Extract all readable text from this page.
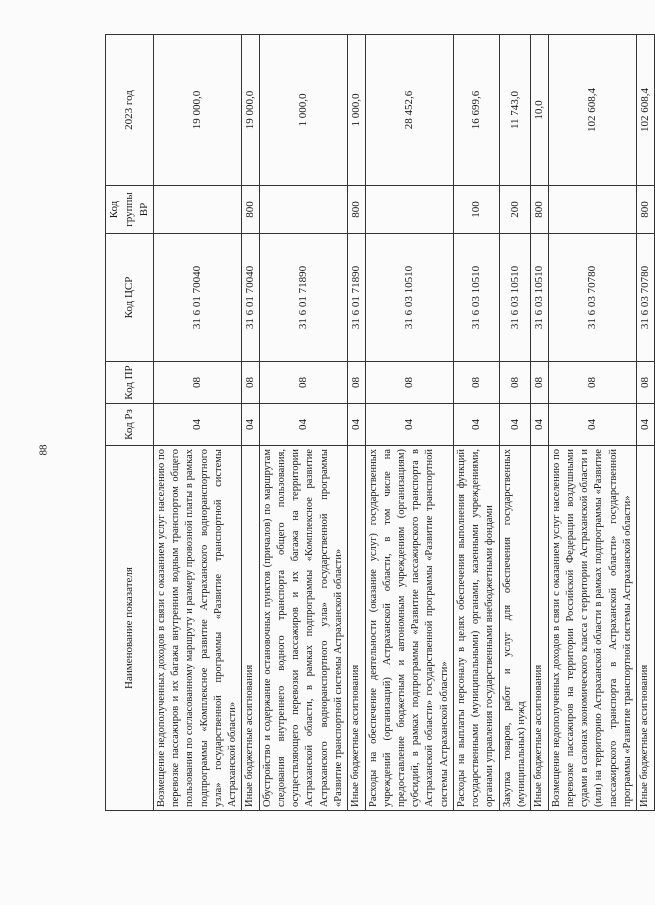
88
Наименование показателя	Код Рз	Код ПР	Код ЦСР	Код группы ВР	2023 год
Возмещение недополученных доходов в связи с оказанием услуг населению по перевозке пассажиров и их багажа внутренним водным транспортом общего пользования по согласованному маршруту и размеру провозной платы в рамках подпрограммы «Комплексное развитие Астраханского водноранспортного узла» государственной программы «Развитие транспортной системы Астраханской области»	04	08	31 6 01 70040		19 000,0
Иные бюджетные ассигнования	04	08	31 6 01 70040	800	19 000,0
Обустройство и содержание остановочных пунктов (причалов) по маршрутам следования внутреннего водного транспорта общего пользования, осуществляющего перевозки пассажиров и их багажа на территории Астраханской области, в рамках подпрограммы «Комплексное развитие Астраханского водноранспортного узла» государственной программы «Развитие транспортной системы Астраханской области»	04	08	31 6 01 71890		1 000,0
Иные бюджетные ассигнования	04	08	31 6 01 71890	800	1 000,0
Расходы на обеспечение деятельности (оказание услуг) государственных учреждений (организаций) Астраханской области, в том числе на предоставление бюджетным и автономным учреждениям (организациям) субсидий, в рамках подпрограммы «Развитие пассажирского транспорта в Астраханской области» государственной программы «Развитие транспортной системы Астраханской области»	04	08	31 6 03 10510		28 452,6
Расходы на выплаты персоналу в целях обеспечения выполнения функций государственными (муниципальными) органами, казенными учреждениями, органами управления государственными внебюджетными фондами	04	08	31 6 03 10510	100	16 699,6
Закупка товаров, работ и услуг для обеспечения государственных (муниципальных) нужд	04	08	31 6 03 10510	200	11 743,0
Иные бюджетные ассигнования	04	08	31 6 03 10510	800	10,0
Возмещение недополученных доходов в связи с оказанием услуг населению по перевозке пассажиров на территории Российской Федерации воздушными судами в салонах экономического класса с территории Астраханской области и (или) на территорию Астраханской области в рамках подпрограммы «Развитие пассажирского транспорта в Астраханской области» государственной программы «Развитие транспортной системы Астраханской области»	04	08	31 6 03 70780		102 608,4
Иные бюджетные ассигнования	04	08	31 6 03 70780	800	102 608,4
